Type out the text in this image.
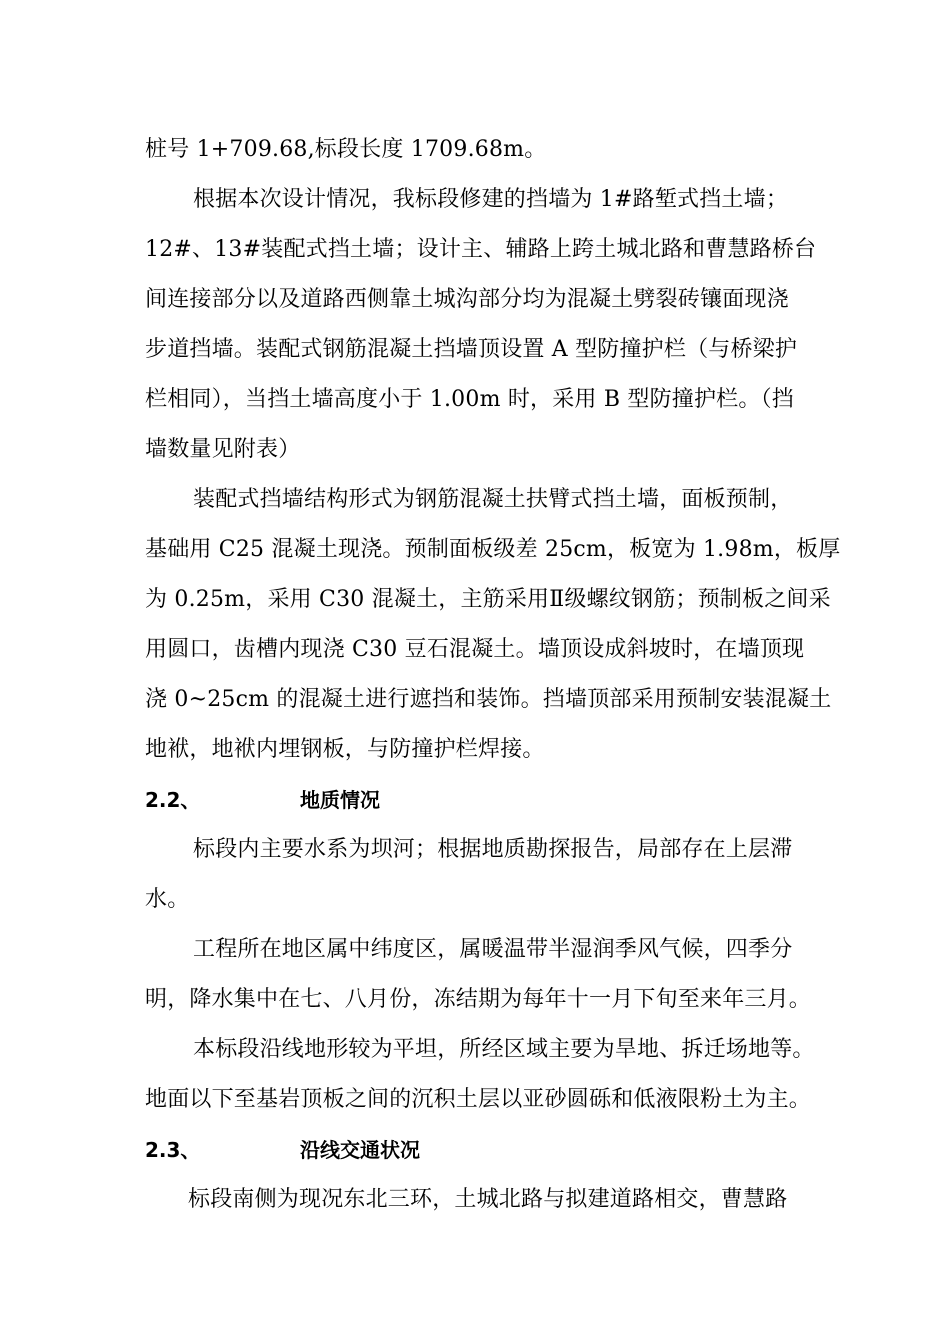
桩号 1+709.68,标段长度 1709.68m。
根据本次设计情况，我标段修建的挡墙为 1#路堑式挡土墙；
12#、13#装配式挡土墙；设计主、辅路上跨土城北路和曹慧路桥台
间连接部分以及道路西侧靠土城沟部分均为混凝土劈裂砖镶面现浇
步道挡墙。装配式钢筋混凝土挡墙顶设置 A 型防撞护栏（与桥梁护
栏相同），当挡土墙高度小于 1.00m 时，采用 B 型防撞护栏。（挡
墙数量见附表）
装配式挡墙结构形式为钢筋混凝土扶臂式挡土墙，面板预制，
基础用 C25 混凝土现浇。预制面板级差 25cm，板宽为 1.98m，板厚
为 0.25m，采用 C30 混凝土，主筋采用Ⅱ级螺纹钢筋；预制板之间采
用圆口，齿槽内现浇 C30 豆石混凝土。墙顶设成斜坡时，在墙顶现
浇 0~25cm 的混凝土进行遮挡和装饰。挡墙顶部采用预制安装混凝土
地袱，地袱内埋钢板，与防撞护栏焊接。
2.2、	地质情况
标段内主要水系为坝河；根据地质勘探报告，局部存在上层滞
水。
工程所在地区属中纬度区，属暖温带半湿润季风气候，四季分
明，降水集中在七、八月份，冻结期为每年十一月下旬至来年三月。
本标段沿线地形较为平坦，所经区域主要为旱地、拆迁场地等。
地面以下至基岩顶板之间的沉积土层以亚砂圆砾和低液限粉土为主。
2.3、	沿线交通状况
标段南侧为现况东北三环，土城北路与拟建道路相交，曹慧路
